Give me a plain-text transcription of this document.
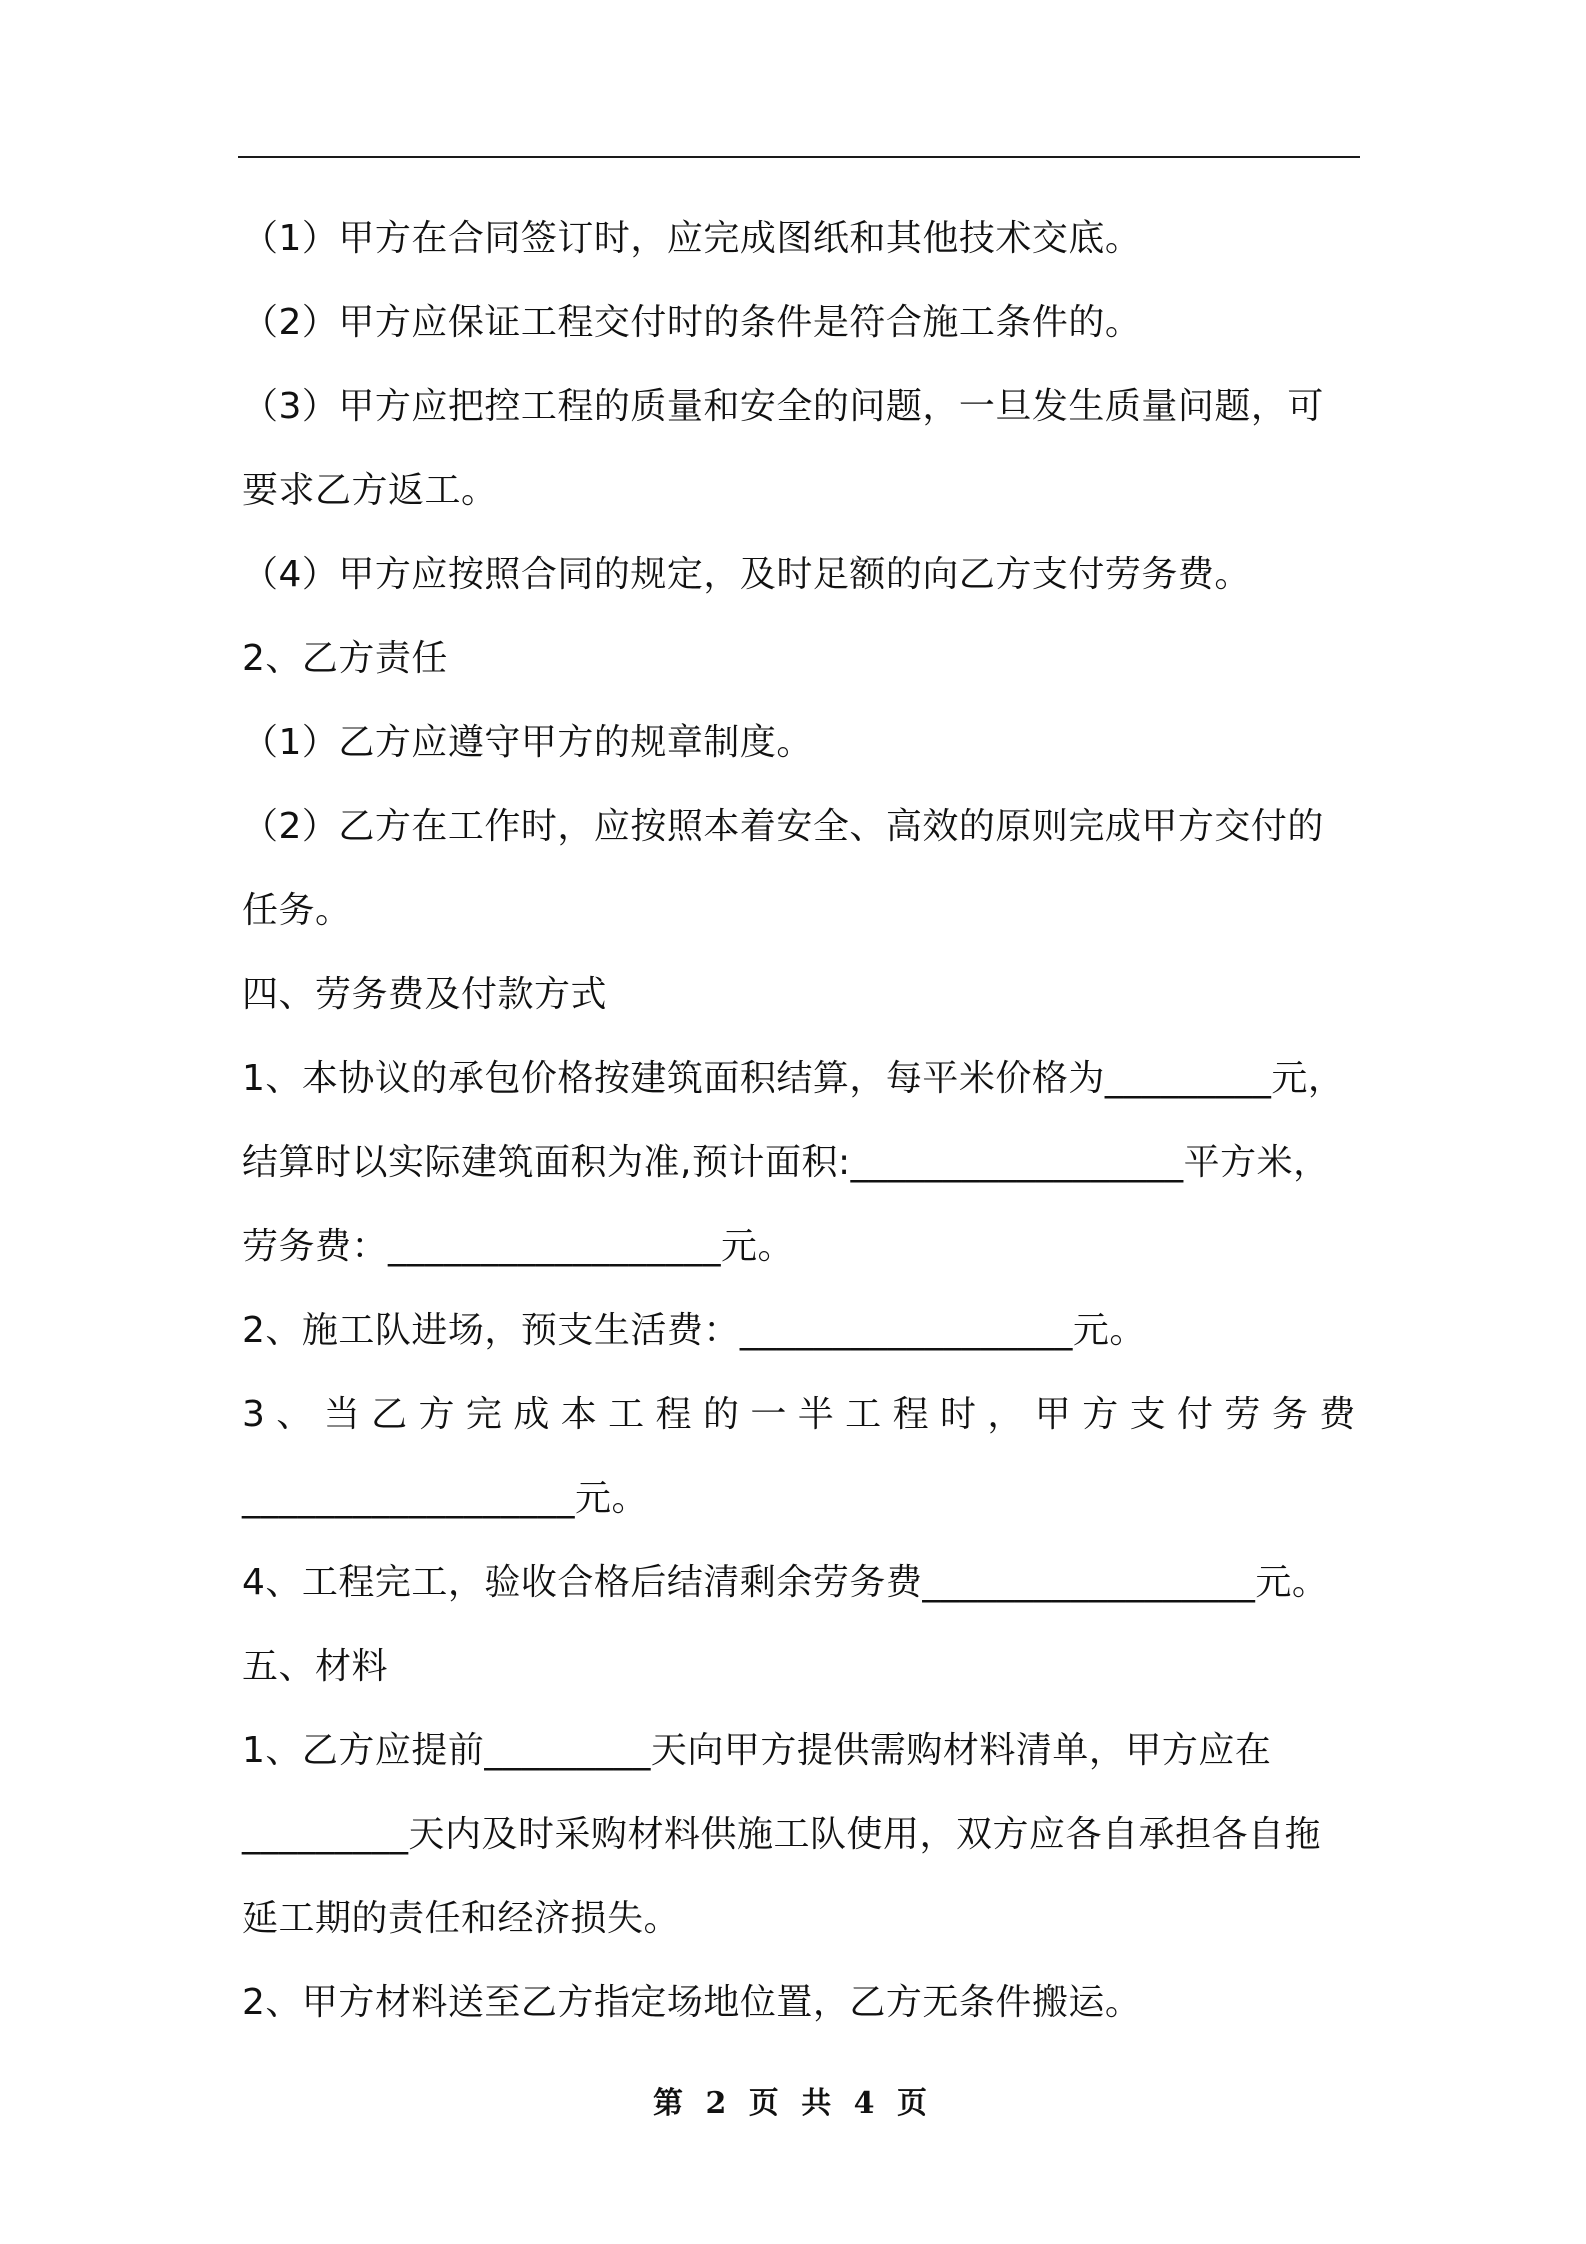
（1）甲方在合同签订时，应完成图纸和其他技术交底。
（2）甲方应保证工程交付时的条件是符合施工条件的。
（3）甲方应把控工程的质量和安全的问题，一旦发生质量问题，可
要求乙方返工。
（4）甲方应按照合同的规定，及时足额的向乙方支付劳务费。
2、乙方责任
（1）乙方应遵守甲方的规章制度。
（2）乙方在工作时，应按照本着安全、高效的原则完成甲方交付的
任务。
四、劳务费及付款方式
1、本协议的承包价格按建筑面积结算，每平米价格为_________元，
结算时以实际建筑面积为准,预计面积:__________________平方米，
劳务费：__________________元。
2、施工队进场，预支生活费：__________________元。
3 、 当 乙 方 完 成 本 工 程 的 一 半 工 程 时 ， 甲 方 支 付 劳 务 费
__________________元。
4、工程完工，验收合格后结清剩余劳务费__________________元。
五、材料
1、乙方应提前_________天向甲方提供需购材料清单，甲方应在
_________天内及时采购材料供施工队使用，双方应各自承担各自拖
延工期的责任和经济损失。
2、甲方材料送至乙方指定场地位置，乙方无条件搬运。
第 2 页 共 4 页
